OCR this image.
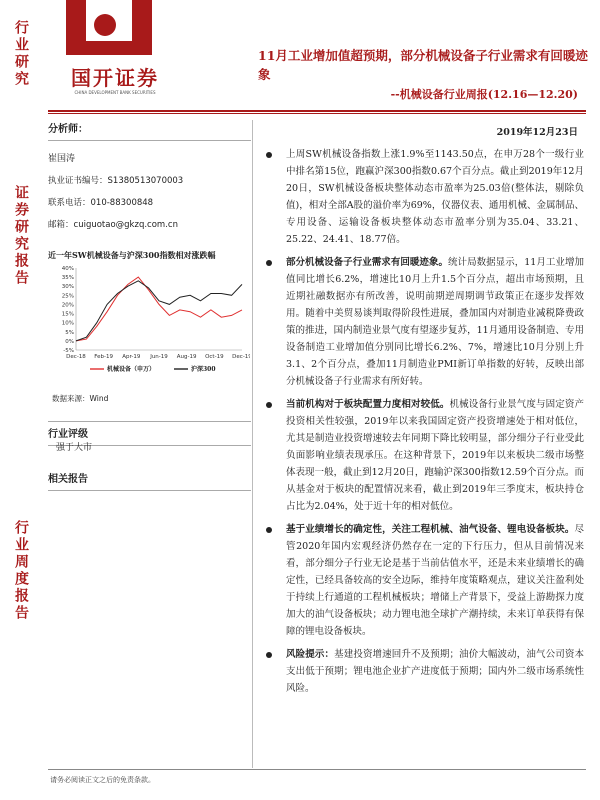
行业研究
证券研究报告
行业周度报告
国开证券
CHINA DEVELOPMENT BANK SECURITIES
11月工业增加值超预期，部分机械设备子行业需求有回暖迹象
--机械设备行业周报(12.16—12.20)
分析师：
崔国涛
执业证书编号：S1380513070003
联系电话：010-88300848
邮箱：cuiguotao@gkzq.com.cn
近一年SW机械设备与沪深300指数相对涨跌幅
-5%
0%
5%
10%
15%
20%
25%
30%
35%
40%
Dec-18 Feb-19 Apr-19 Jun-19 Aug-19 Oct-19 Dec-19
机械设备（申万）	沪深300
数据来源：Wind
行业评级
强于大市
相关报告
2019年12月23日
上周SW机械设备指数上涨1.9%至1143.50点，在申万28个一级行业中排名第15位，跑赢沪深300指数0.67个百分点。截止到2019年12月20日，SW机械设备板块整体动态市盈率为25.03倍(整体法，剔除负值)，相对全部A股的溢价率为69%，仪器仪表、通用机械、金属制品、专用设备、运输设备板块整体动态市盈率分别为35.04、33.21、25.22、24.41、18.77倍。
部分机械设备子行业需求有回暖迹象。统计局数据显示，11月工业增加值同比增长6.2%，增速比10月上升1.5个百分点，超出市场预期，且近期社融数据亦有所改善，说明前期逆周期调节政策正在逐步发挥效用。随着中美贸易谈判取得阶段性进展，叠加国内对制造业减税降费政策的推进，国内制造业景气度有望逐步复苏，11月通用设备制造、专用设备制造工业增加值分别同比增长6.2%、7%，增速比10月分别上升3.1、2个百分点，叠加11月制造业PMI新订单指数的好转，反映出部分机械设备子行业需求有所好转。
当前机构对于板块配置力度相对较低。机械设备行业景气度与固定资产投资相关性较强，2019年以来我国固定资产投资增速处于相对低位，尤其是制造业投资增速较去年同期下降比较明显，部分细分子行业受此负面影响业绩表现承压。在这种背景下，2019年以来板块二级市场整体表现一般，截止到12月20日，跑输沪深300指数12.59个百分点。而从基金对于板块的配置情况来看，截止到2019年三季度末，板块持仓占比为2.04%，处于近十年的相对低位。
基于业绩增长的确定性，关注工程机械、油气设备、锂电设备板块。尽管2020年国内宏观经济仍然存在一定的下行压力，但从目前情况来看，部分细分子行业无论是基于当前估值水平，还是未来业绩增长的确定性，已经具备较高的安全边际，维持年度策略观点，建议关注盈利处于持续上行通道的工程机械板块；增储上产背景下，受益上游勘探力度加大的油气设备板块；动力锂电池全球扩产潮持续，未来订单获得有保障的锂电设备板块。
风险提示：基建投资增速回升不及预期；油价大幅波动，油气公司资本支出低于预期；锂电池企业扩产进度低于预期；国内外二级市场系统性风险。
请务必阅读正文之后的免责条款。
